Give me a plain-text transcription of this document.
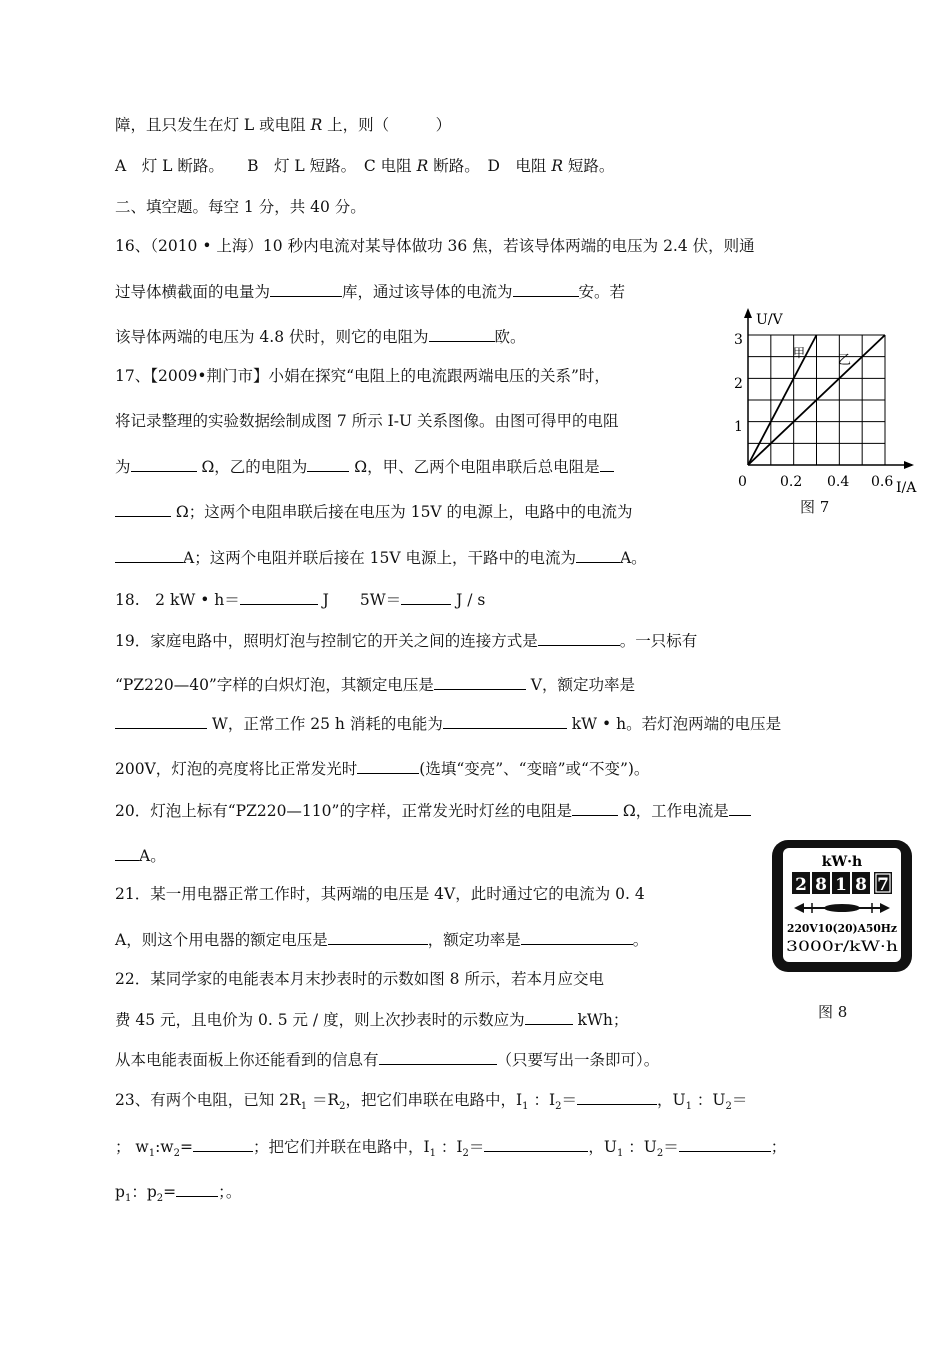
障，且只发生在灯 L 或电阻 R 上，则（　　　）
A　灯 L 断路。　　B　灯 L 短路。　C 电阻 R 断路。　D　电阻 R 短路。
二、填空题。每空 1 分，共 40 分。
16、（2010 • 上海）10 秒内电流对某导体做功 36 焦，若该导体两端的电压为 2.4 伏，则通
过导体横截面的电量为	库，通过该导体的电流为	安。若
该导体两端的电压为 4.8 伏时，则它的电阻为	欧。
17、【2009•荆门市】小娟在探究“电阻上的电流跟两端电压的关系”时，
将记录整理的实验数据绘制成图 7 所示 I-U 关系图像。由图可得甲的电阻
为	Ω，乙的电阻为	Ω，甲、乙两个电阻串联后总电阻是
Ω；这两个电阻串联后接在电压为 15V 的电源上，电路中的电流为
A；这两个电阻并联后接在 15V 电源上，干路中的电流为	A。
18.　2 kW • h＝	J　　5W＝	J / s
19．家庭电路中，照明灯泡与控制它的开关之间的连接方式是	。一只标有
“PZ220—40”字样的白炽灯泡，其额定电压是	V，额定功率是
W，正常工作 25 h 消耗的电能为	kW • h。若灯泡两端的电压是
200V，灯泡的亮度将比正常发光时	(选填“变亮”、“变暗”或“不变”)。
20．灯泡上标有“PZ220—110”的字样，正常发光时灯丝的电阻是	Ω，工作电流是
A。
21．某一用电器正常工作时，其两端的电压是 4V，此时通过它的电流为 0. 4
A，则这个用电器的额定电压是	，额定功率是	。
22．某同学家的电能表本月末抄表时的示数如图 8 所示，若本月应交电
费 45 元，且电价为 0. 5 元 / 度，则上次抄表时的示数应为	kWh；
从本电能表面板上你还能看到的信息有	（只要写出一条即可）。
23、有两个电阻，已知 $2R_1 =R_2$，把它们串联在电路中，$I_1$ ：$I_2=$	，$U_1$ ：$U_2=$
； $w_1:w_2=$	；把它们并联在电路中，$I_1$ ：$I_2=$	，$U_1$ ：$U_2=$	；
$p_1$：$p_2=$	；。
U/V
I/A
0 0.2 0.4 0.6
1
2
3
甲	乙
图 7
kW·h
2 8 1 8 7
220V10(20)A50Hz
3000r/kW·h
图 8
